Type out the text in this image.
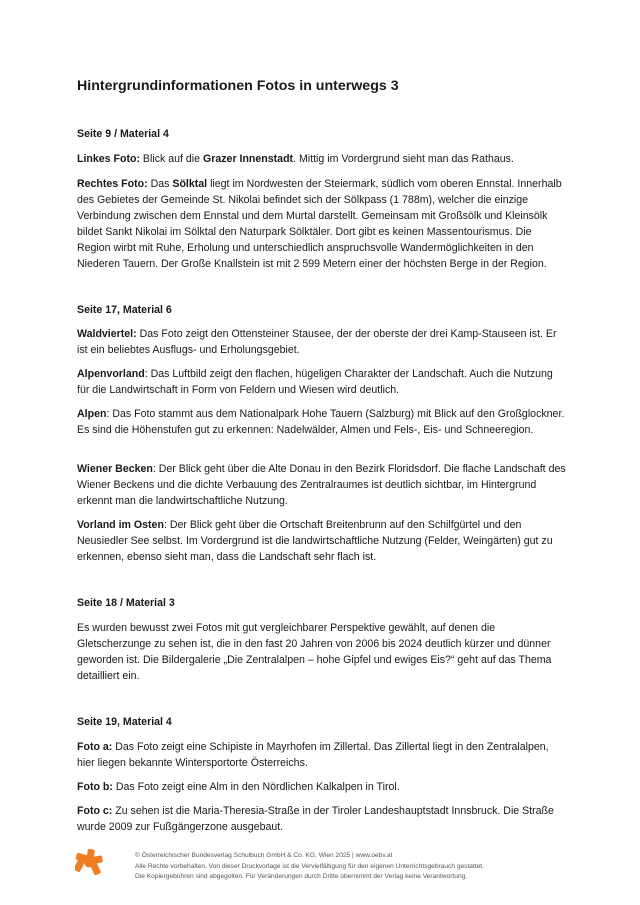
Hintergrundinformationen Fotos in unterwegs 3
Seite 9 / Material 4

Linkes Foto: Blick auf die Grazer Innenstadt. Mittig im Vordergrund sieht man das Rathaus.

Rechtes Foto: Das Sölktal liegt im Nordwesten der Steiermark, südlich vom oberen Ennstal. Innerhalb des Gebietes der Gemeinde St. Nikolai befindet sich der Sölkpass (1 788m), welcher die einzige Verbindung zwischen dem Ennstal und dem Murtal darstellt. Gemeinsam mit Großsölk und Kleinsölk bildet Sankt Nikolai im Sölktal den Naturpark Sölktäler. Dort gibt es keinen Massentourismus. Die Region wirbt mit Ruhe, Erholung und unterschiedlich anspruchsvolle Wandermöglichkeiten in den Niederen Tauern. Der Große Knallstein ist mit 2 599 Metern einer der höchsten Berge in der Region.

Seite 17, Material 6

Waldviertel: Das Foto zeigt den Ottensteiner Stausee, der der oberste der drei Kamp-Stauseen ist. Er ist ein beliebtes Ausflugs- und Erholungsgebiet.

Alpenvorland: Das Luftbild zeigt den flachen, hügeligen Charakter der Landschaft. Auch die Nutzung für die Landwirtschaft in Form von Feldern und Wiesen wird deutlich.

Alpen: Das Foto stammt aus dem Nationalpark Hohe Tauern (Salzburg) mit Blick auf den Großglockner. Es sind die Höhenstufen gut zu erkennen: Nadelwälder, Almen und Fels-, Eis- und Schneeregion.

Wiener Becken: Der Blick geht über die Alte Donau in den Bezirk Floridsdorf. Die flache Landschaft des Wiener Beckens und die dichte Verbauung des Zentralraumes ist deutlich sichtbar, im Hintergrund erkennt man die landwirtschaftliche Nutzung.

Vorland im Osten: Der Blick geht über die Ortschaft Breitenbrunn auf den Schilfgürtel und den Neusiedler See selbst. Im Vordergrund ist die landwirtschaftliche Nutzung (Felder, Weingärten) gut zu erkennen, ebenso sieht man, dass die Landschaft sehr flach ist.

Seite 18 / Material 3

Es wurden bewusst zwei Fotos mit gut vergleichbarer Perspektive gewählt, auf denen die Gletscherzunge zu sehen ist, die in den fast 20 Jahren von 2006 bis 2024 deutlich kürzer und dünner geworden ist. Die Bildergalerie „Die Zentralalpen – hohe Gipfel und ewiges Eis?“ geht auf das Thema detailliert ein.

Seite 19, Material 4

Foto a: Das Foto zeigt eine Schipiste in Mayrhofen im Zillertal. Das Zillertal liegt in den Zentralalpen, hier liegen bekannte Wintersportorte Österreichs.

Foto b: Das Foto zeigt eine Alm in den Nördlichen Kalkalpen in Tirol.

Foto c: Zu sehen ist die Maria-Theresia-Straße in der Tiroler Landeshauptstadt Innsbruck. Die Straße wurde 2009 zur Fußgängerzone ausgebaut.

© Österreichischer Bundesverlag Schulbuch GmbH & Co. KG, Wien 2025 | www.oebv.at
Alle Rechte vorbehalten. Von dieser Druckvorlage ist die Vervielfältigung für den eigenen Unterrichtsgebrauch gestattet.
Die Kopiergebühren sind abgegolten. Für Veränderungen durch Dritte übernimmt der Verlag keine Verantwortung.
